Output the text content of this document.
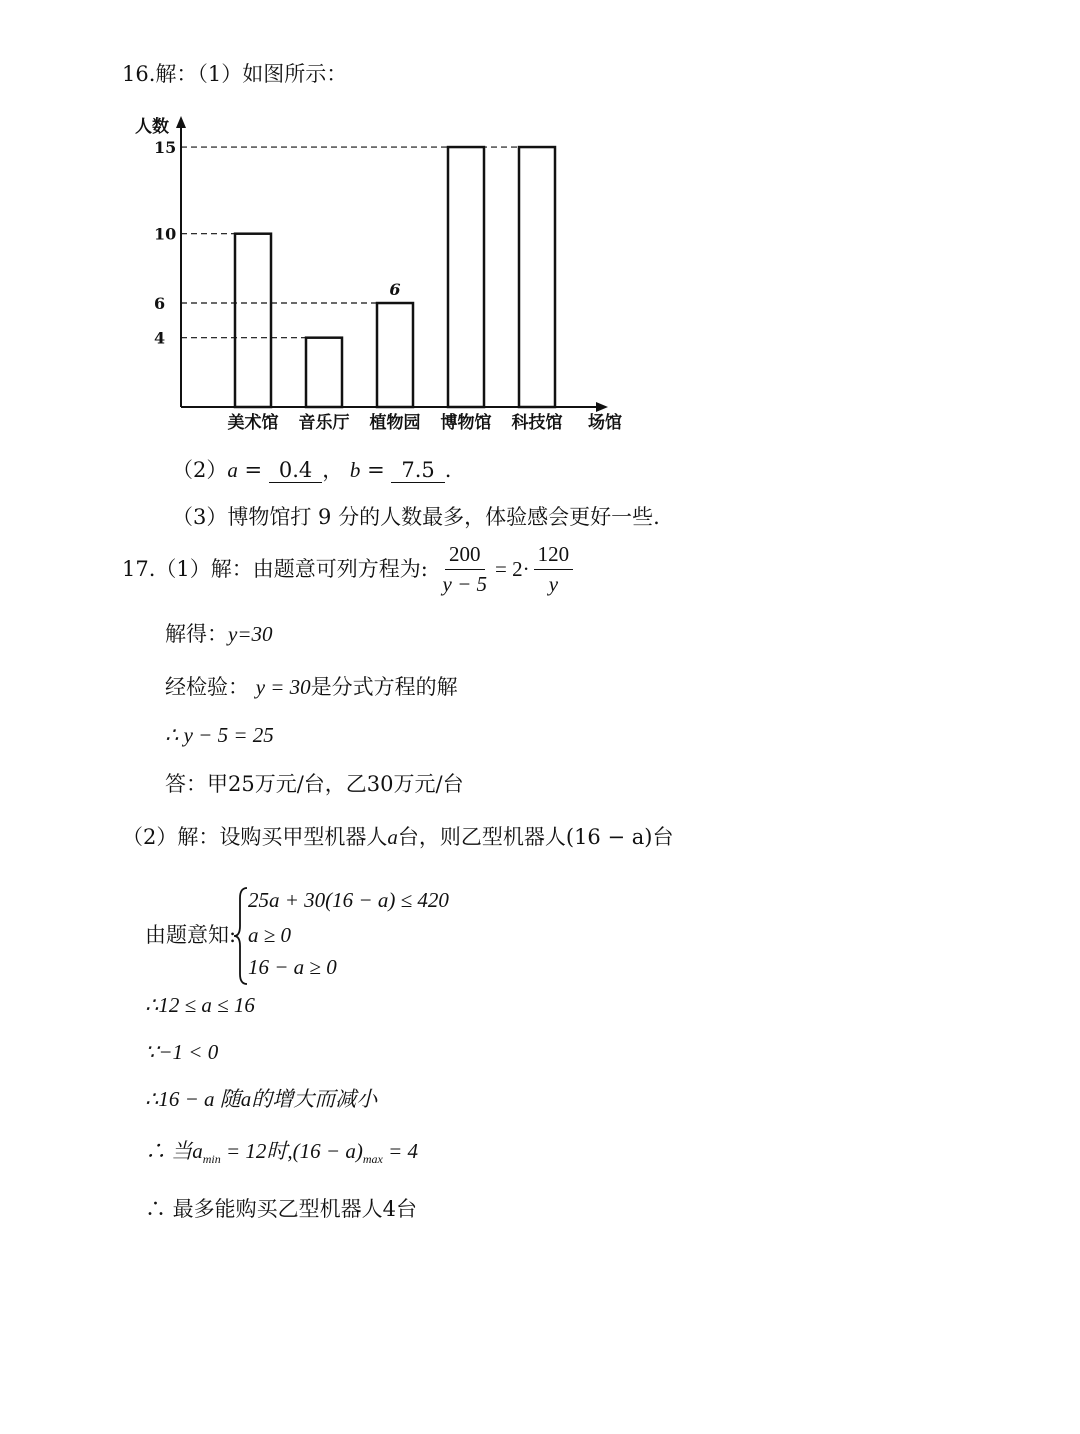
16.解：（1）如图所示：
人数
场馆
4
6
10
15
美术馆 音乐厅 植物园 博物馆 科技馆
6
（2）a = 0.4 ， b = 7.5 .
（3）博物馆打 9 分的人数最多，体验感会更好一些.
17.（1）解：由题意可列方程为: $\frac{200}{y - 5} = 2\cdot \frac{120}{y}$
解得：y=30
经检验： y = 30是分式方程的解
∴ y − 5 = 25
答：甲25万元/台，乙30万元/台
（2）解：设购买甲型机器人a台，则乙型机器人(16 − a)台
由题意知:
25a + 30(16 − a) ≤ 420
a ≥ 0
16 − a ≥ 0
∴12 ≤ a ≤ 16
∵−1 < 0
∴16 − a 随a的增大而减小
∴ 当$a_{min} = 12$时$,(16 - a)_{max} = 4$
∴ 最多能购买乙型机器人4台
